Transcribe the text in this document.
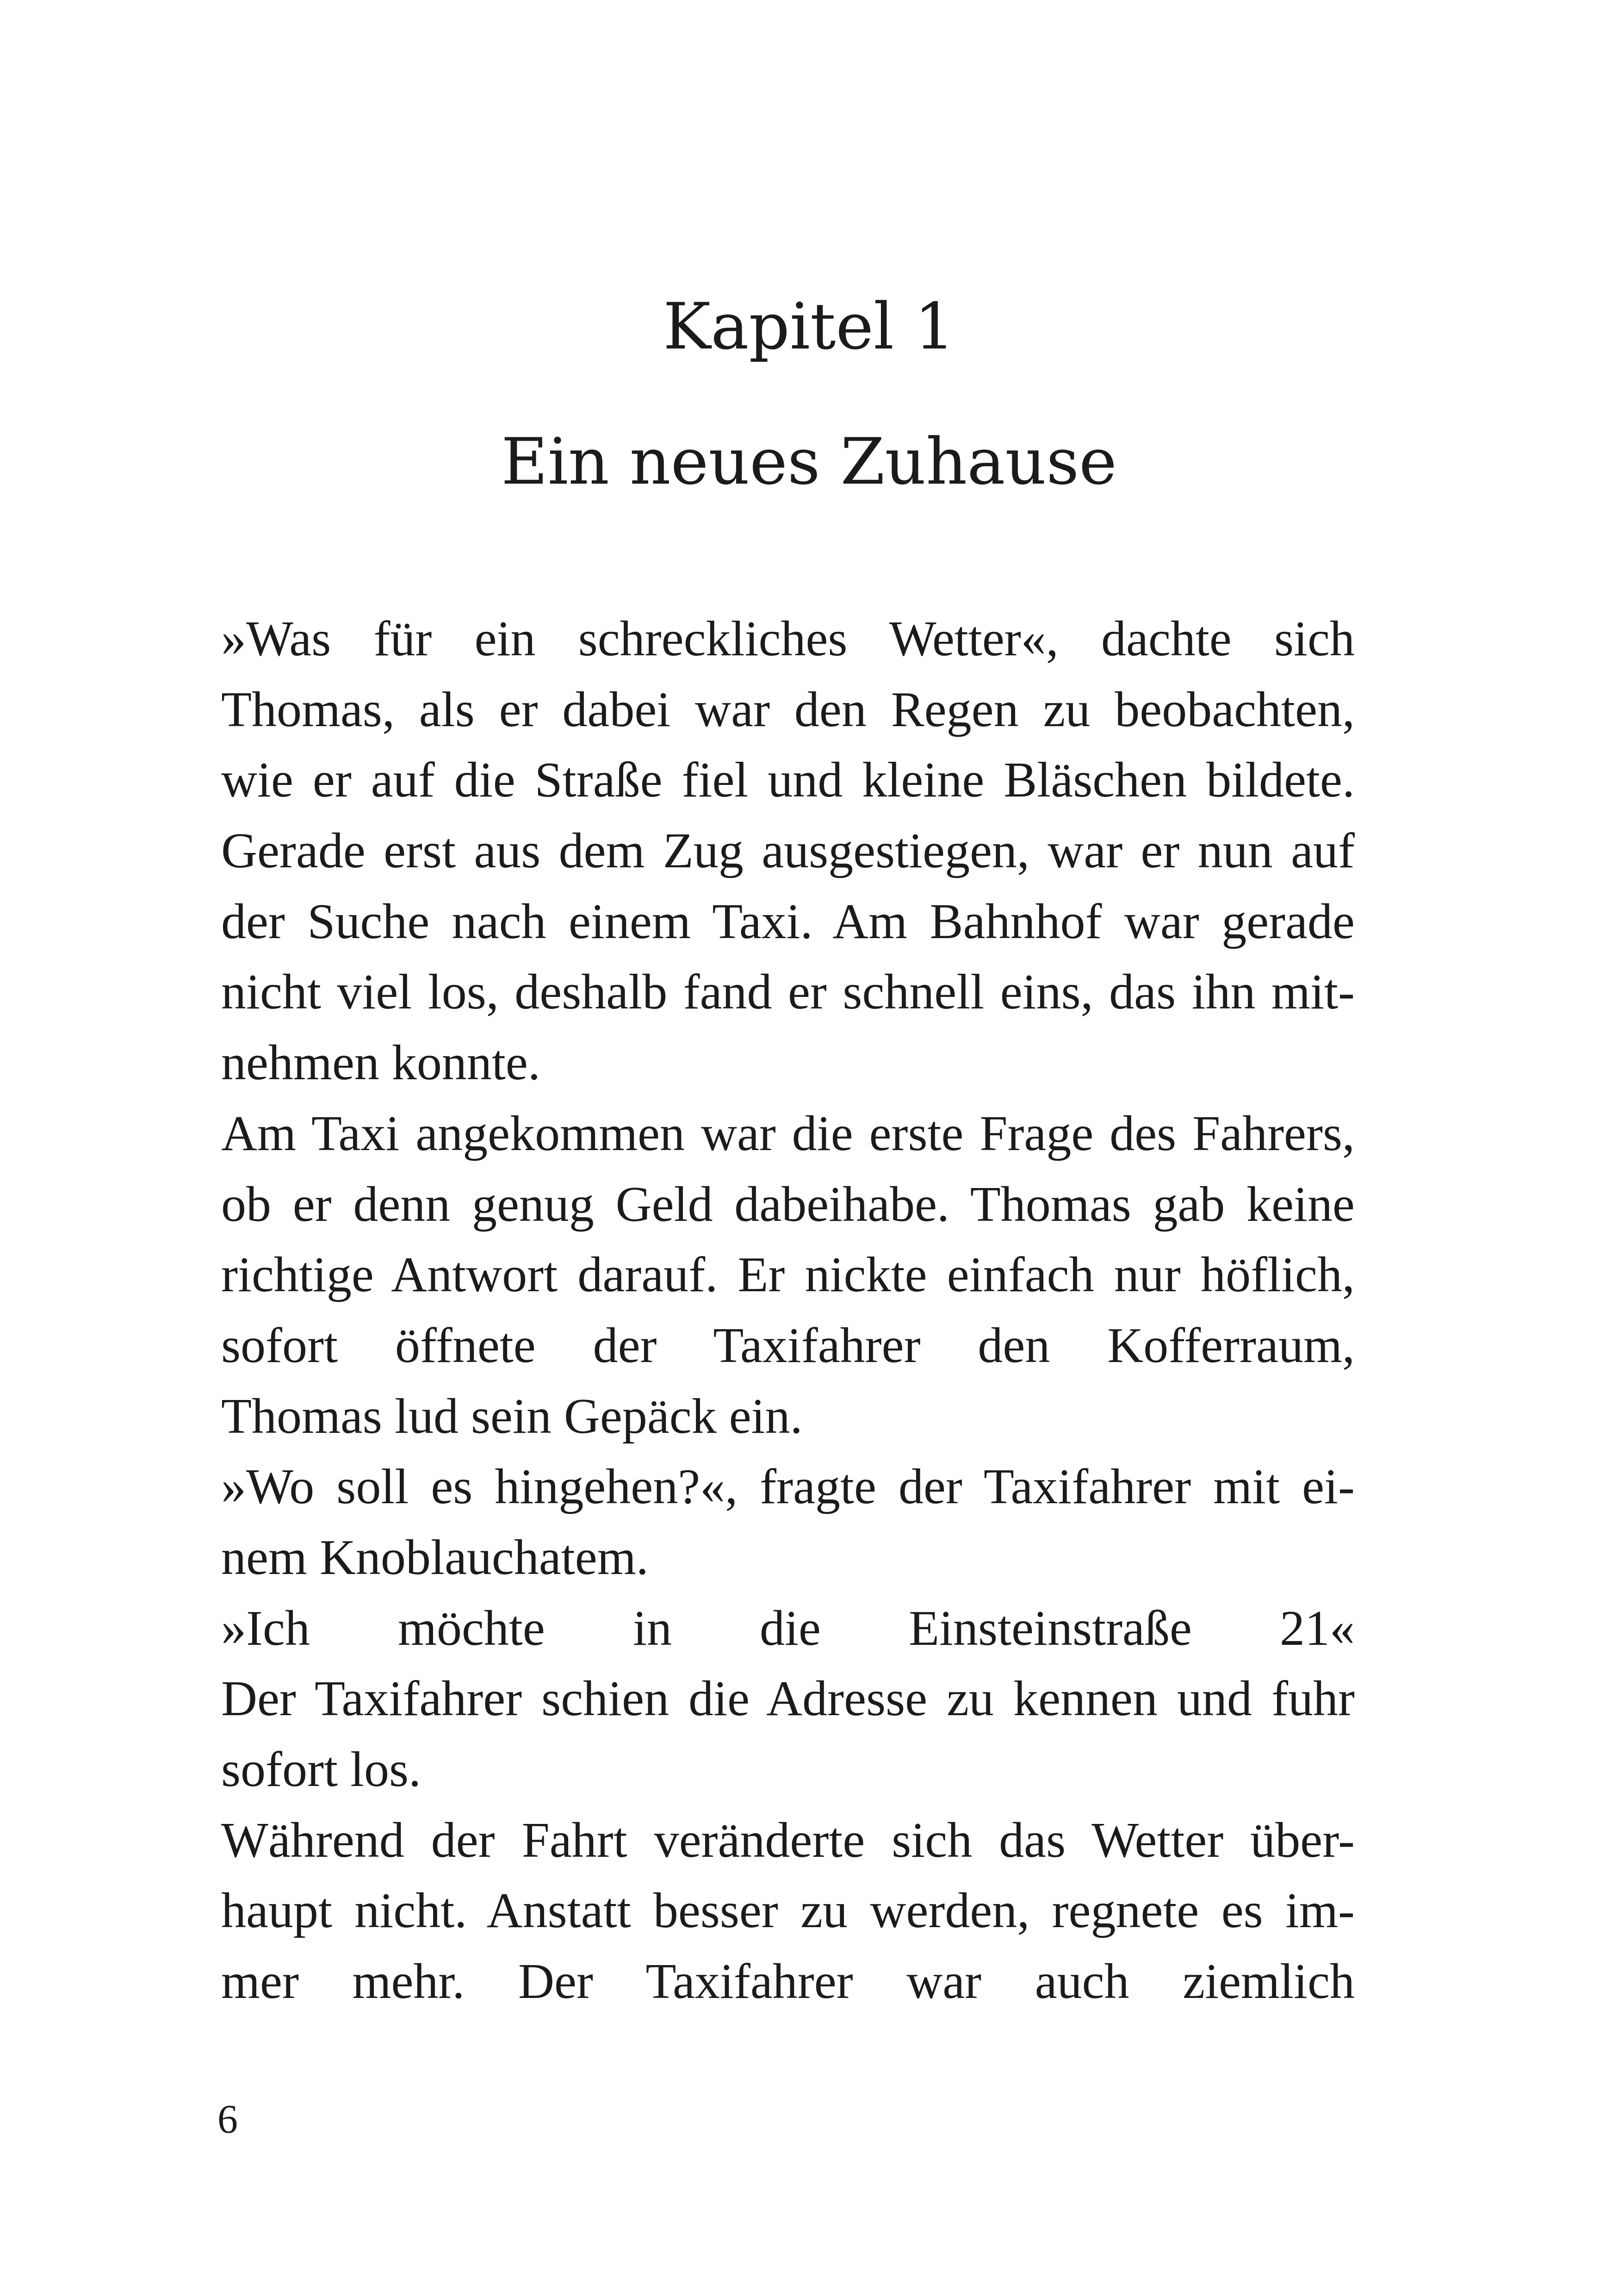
Kapitel 1
Ein neues Zuhause
»Was für ein schreckliches Wetter«, dachte sich
Thomas, als er dabei war den Regen zu beobachten,
wie er auf die Straße fiel und kleine Bläschen bildete.
Gerade erst aus dem Zug ausgestiegen, war er nun auf
der Suche nach einem Taxi. Am Bahnhof war gerade
nicht viel los, deshalb fand er schnell eins, das ihn mit-
nehmen konnte.
Am Taxi angekommen war die erste Frage des Fahrers,
ob er denn genug Geld dabeihabe. Thomas gab keine
richtige Antwort darauf. Er nickte einfach nur höflich,
sofort öffnete der Taxifahrer den Kofferraum,
Thomas lud sein Gepäck ein.
»Wo soll es hingehen?«, fragte der Taxifahrer mit ei-
nem Knoblauchatem.
»Ich möchte in die Einsteinstraße 21«
Der Taxifahrer schien die Adresse zu kennen und fuhr
sofort los.
Während der Fahrt veränderte sich das Wetter über-
haupt nicht. Anstatt besser zu werden, regnete es im-
mer mehr. Der Taxifahrer war auch ziemlich
6
